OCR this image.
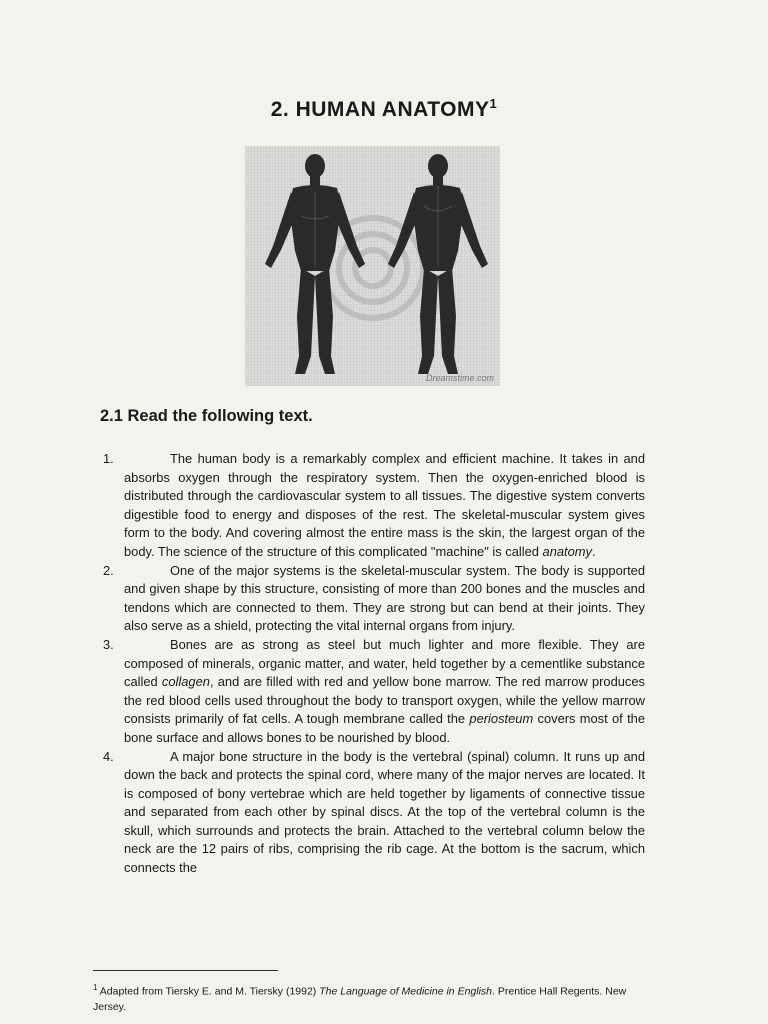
2. HUMAN ANATOMY$^1$
Dreamstime.com
2.1 Read the following text.
1.	The human body is a remarkably complex and efficient machine. It takes in and absorbs oxygen through the respiratory system. Then the oxygen-enriched blood is distributed through the cardiovascular system to all tissues. The digestive system converts digestible food to energy and disposes of the rest. The skeletal-muscular system gives form to the body. And covering almost the entire mass is the skin, the largest organ of the body. The science of the structure of this complicated "machine" is called anatomy.

2.	One of the major systems is the skeletal-muscular system. The body is supported and given shape by this structure, consisting of more than 200 bones and the muscles and tendons which are connected to them. They are strong but can bend at their joints. They also serve as a shield, protecting the vital internal organs from injury.

3.	Bones are as strong as steel but much lighter and more flexible. They are composed of minerals, organic matter, and water, held together by a cementlike substance called collagen, and are filled with red and yellow bone marrow. The red marrow produces the red blood cells used throughout the body to transport oxygen, while the yellow marrow consists primarily of fat cells. A tough membrane called the periosteum covers most of the bone surface and allows bones to be nourished by blood.

4.	A major bone structure in the body is the vertebral (spinal) column. It runs up and down the back and protects the spinal cord, where many of the major nerves are located. It is composed of bony vertebrae which are held together by ligaments of connective tissue and separated from each other by spinal discs. At the top of the vertebral column is the skull, which surrounds and protects the brain. Attached to the vertebral column below the neck are the 12 pairs of ribs, comprising the rib cage. At the bottom is the sacrum, which connects the

$^1$ Adapted from Tiersky E. and M. Tiersky (1992) The Language of Medicine in English. Prentice Hall Regents. New Jersey.
